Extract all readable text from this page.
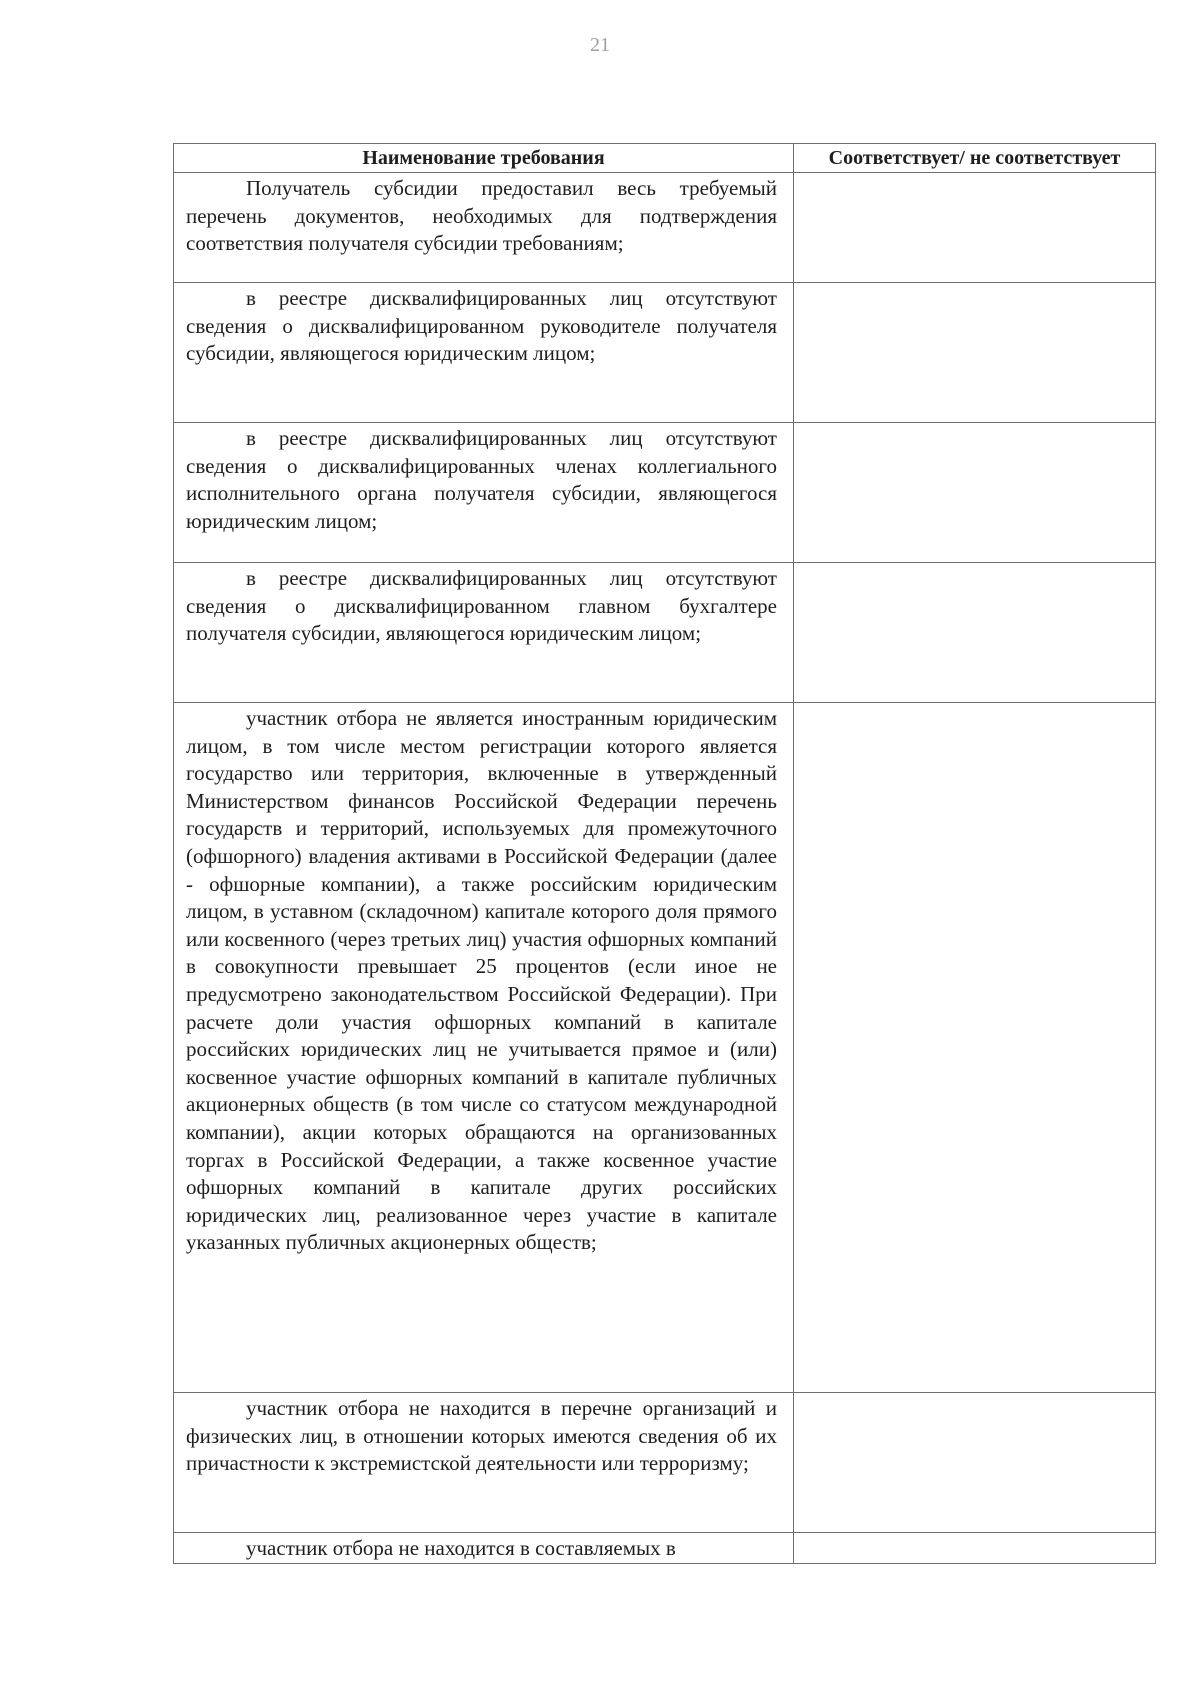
21
Наименование требования	Соответствует/ не соответствует

Получатель субсидии предоставил весь требуемый перечень документов, необходимых для подтверждения соответствия получателя субсидии требованиям;	

в реестре дисквалифицированных лиц отсутствуют сведения о дисквалифицированном руководителе получателя субсидии, являющегося юридическим лицом;	

в реестре дисквалифицированных лиц отсутствуют сведения о дисквалифицированных членах коллегиального исполнительного органа получателя субсидии, являющегося юридическим лицом;	

в реестре дисквалифицированных лиц отсутствуют сведения о дисквалифицированном главном бухгалтере получателя субсидии, являющегося юридическим лицом;	

участник отбора не является иностранным юридическим лицом, в том числе местом регистрации которого является государство или территория, включенные в утвержденный Министерством финансов Российской Федерации перечень государств и территорий, используемых для промежуточного (офшорного) владения активами в Российской Федерации (далее - офшорные компании), а также российским юридическим лицом, в уставном (складочном) капитале которого доля прямого или косвенного (через третьих лиц) участия офшорных компаний в совокупности превышает 25 процентов (если иное не предусмотрено законодательством Российской Федерации). При расчете доли участия офшорных компаний в капитале российских юридических лиц не учитывается прямое и (или) косвенное участие офшорных компаний в капитале публичных акционерных обществ (в том числе со статусом международной компании), акции которых обращаются на организованных торгах в Российской Федерации, а также косвенное участие офшорных компаний в капитале других российских юридических лиц, реализованное через участие в капитале указанных публичных акционерных обществ;	

участник отбора не находится в перечне организаций и физических лиц, в отношении которых имеются сведения об их причастности к экстремистской деятельности или терроризму;	

участник отбора не находится в составляемых в	
